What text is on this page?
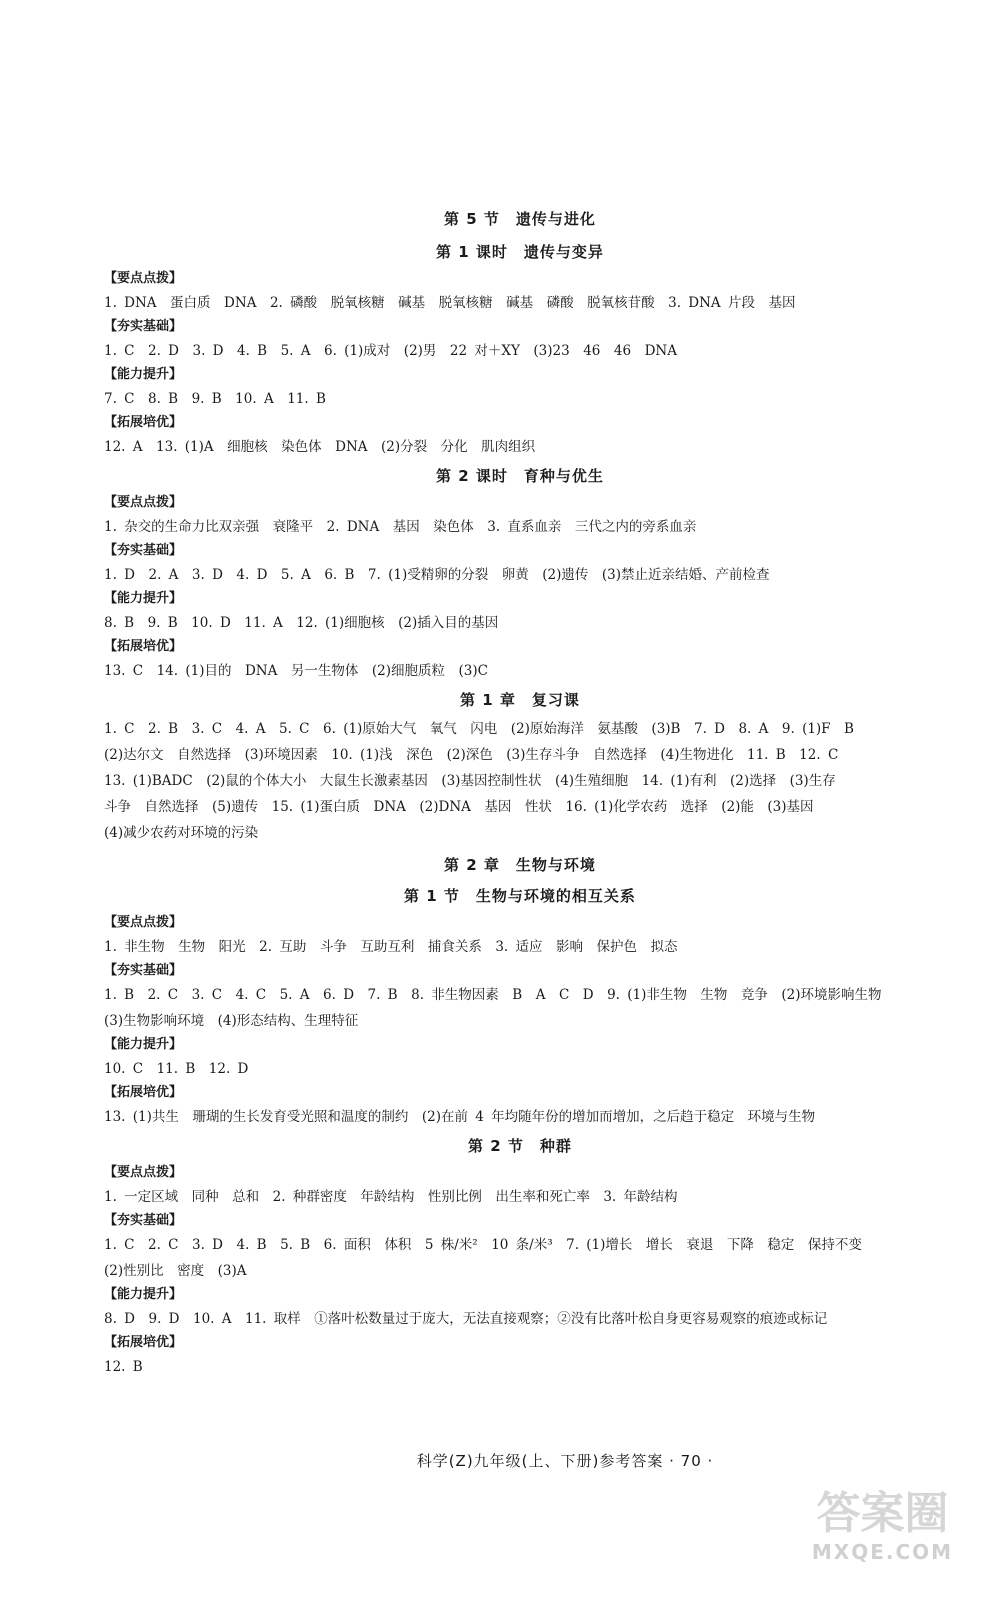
第 5 节　遗传与进化
第 1 课时　遗传与变异
【要点点拨】
1. DNA　蛋白质　DNA　2. 磷酸　脱氧核糖　碱基　脱氧核糖　碱基　磷酸　脱氧核苷酸　3. DNA 片段　基因
【夯实基础】
1. C　2. D　3. D　4. B　5. A　6. (1)成对　(2)男　22 对＋XY　(3)23　46　46　DNA
【能力提升】
7. C　8. B　9. B　10. A　11. B
【拓展培优】
12. A　13. (1)A　细胞核　染色体　DNA　(2)分裂　分化　肌肉组织
第 2 课时　育种与优生
【要点点拨】
1. 杂交的生命力比双亲强　衰隆平　2. DNA　基因　染色体　3. 直系血亲　三代之内的旁系血亲
【夯实基础】
1. D　2. A　3. D　4. D　5. A　6. B　7. (1)受精卵的分裂　卵黄　(2)遗传　(3)禁止近亲结婚、产前检查
【能力提升】
8. B　9. B　10. D　11. A　12. (1)细胞核　(2)插入目的基因
【拓展培优】
13. C　14. (1)目的　DNA　另一生物体　(2)细胞质粒　(3)C
第 1 章　复习课
1. C　2. B　3. C　4. A　5. C　6. (1)原始大气　氧气　闪电　(2)原始海洋　氨基酸　(3)B　7. D　8. A　9. (1)F　B
(2)达尔文　自然选择　(3)环境因素　10. (1)浅　深色　(2)深色　(3)生存斗争　自然选择　(4)生物进化　11. B　12. C
13. (1)BADC　(2)鼠的个体大小　大鼠生长激素基因　(3)基因控制性状　(4)生殖细胞　14. (1)有利　(2)选择　(3)生存
斗争　自然选择　(5)遗传　15. (1)蛋白质　DNA　(2)DNA　基因　性状　16. (1)化学农药　选择　(2)能　(3)基因
(4)减少农药对环境的污染
第 2 章　生物与环境
第 1 节　生物与环境的相互关系
【要点点拨】
1. 非生物　生物　阳光　2. 互助　斗争　互助互利　捕食关系　3. 适应　影响　保护色　拟态
【夯实基础】
1. B　2. C　3. C　4. C　5. A　6. D　7. B　8. 非生物因素　B　A　C　D　9. (1)非生物　生物　竞争　(2)环境影响生物
(3)生物影响环境　(4)形态结构、生理特征
【能力提升】
10. C　11. B　12. D
【拓展培优】
13. (1)共生　珊瑚的生长发育受光照和温度的制约　(2)在前 4 年均随年份的增加而增加，之后趋于稳定　环境与生物
第 2 节　种群
【要点点拨】
1. 一定区域　同种　总和　2. 种群密度　年龄结构　性别比例　出生率和死亡率　3. 年龄结构
【夯实基础】
1. C　2. C　3. D　4. B　5. B　6. 面积　体积　5 株/米²　10 条/米³　7. (1)增长　增长　衰退　下降　稳定　保持不变
(2)性别比　密度　(3)A
【能力提升】
8. D　9. D　10. A　11. 取样　①落叶松数量过于庞大，无法直接观察；②没有比落叶松自身更容易观察的痕迹或标记
【拓展培优】
12. B
科学(Z)九年级(上、下册)参考答案 · 70 ·
答案圈
MXQE.COM
